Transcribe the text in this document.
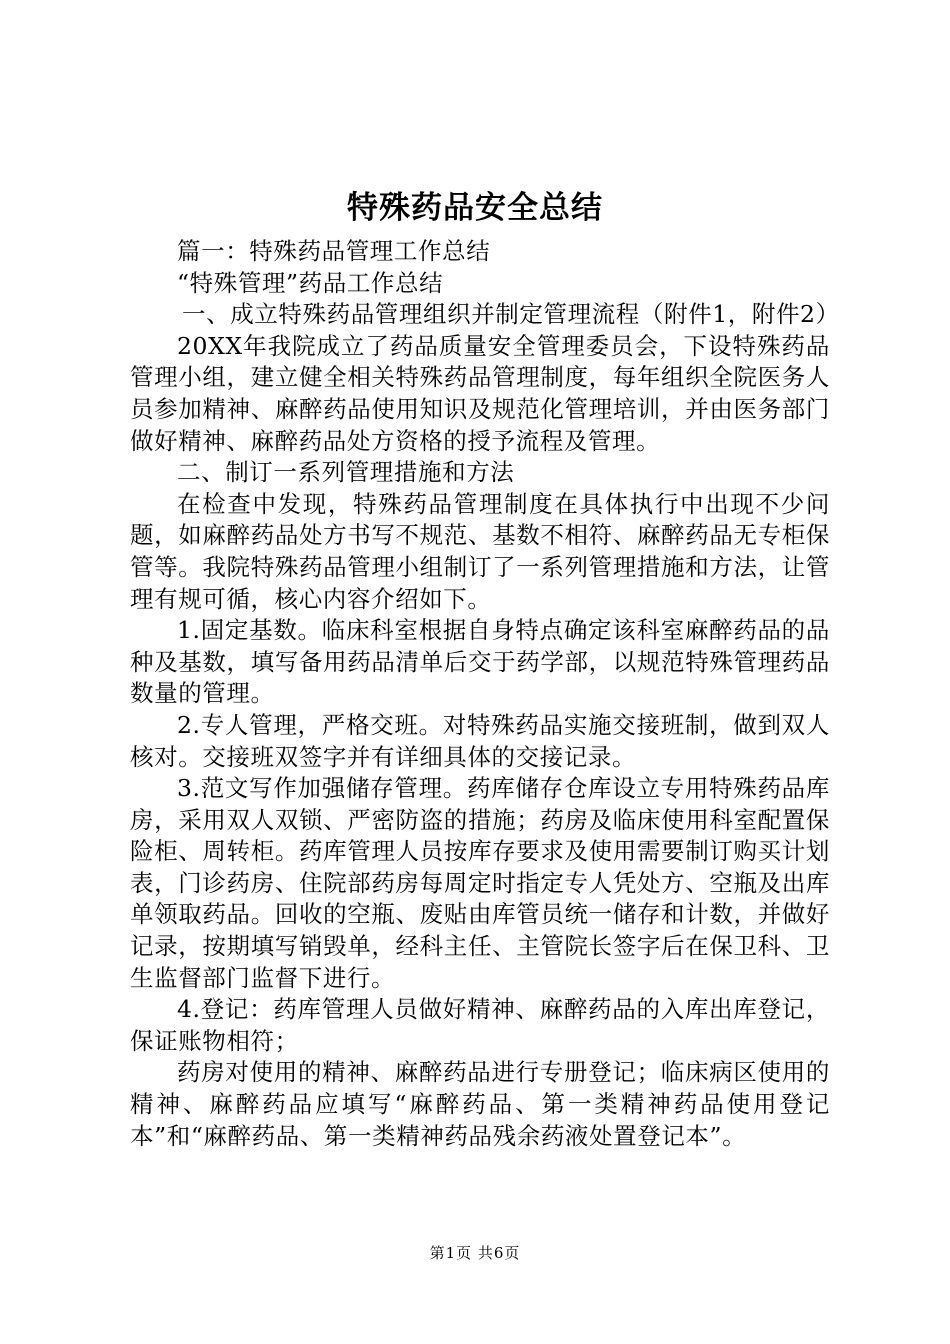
特殊药品安全总结

篇一：特殊药品管理工作总结

“特殊管理”药品工作总结

一、成立特殊药品管理组织并制定管理流程（附件1，附件2）

20XX年我院成立了药品质量安全管理委员会，下设特殊药品管理小组，建立健全相关特殊药品管理制度，每年组织全院医务人员参加精神、麻醉药品使用知识及规范化管理培训，并由医务部门做好精神、麻醉药品处方资格的授予流程及管理。

二、制订一系列管理措施和方法

在检查中发现，特殊药品管理制度在具体执行中出现不少问题，如麻醉药品处方书写不规范、基数不相符、麻醉药品无专柜保管等。我院特殊药品管理小组制订了一系列管理措施和方法，让管理有规可循，核心内容介绍如下。

1.固定基数。临床科室根据自身特点确定该科室麻醉药品的品种及基数，填写备用药品清单后交于药学部，以规范特殊管理药品数量的管理。

2.专人管理，严格交班。对特殊药品实施交接班制，做到双人核对。交接班双签字并有详细具体的交接记录。

3.范文写作加强储存管理。药库储存仓库设立专用特殊药品库房，采用双人双锁、严密防盗的措施；药房及临床使用科室配置保险柜、周转柜。药库管理人员按库存要求及使用需要制订购买计划表，门诊药房、住院部药房每周定时指定专人凭处方、空瓶及出库单领取药品。回收的空瓶、废贴由库管员统一储存和计数，并做好记录，按期填写销毁单，经科主任、主管院长签字后在保卫科、卫生监督部门监督下进行。

4.登记：药库管理人员做好精神、麻醉药品的入库出库登记，保证账物相符；

药房对使用的精神、麻醉药品进行专册登记；临床病区使用的精神、麻醉药品应填写“麻醉药品、第一类精神药品使用登记本”和“麻醉药品、第一类精神药品残余药液处置登记本”。

第1页 共6页
